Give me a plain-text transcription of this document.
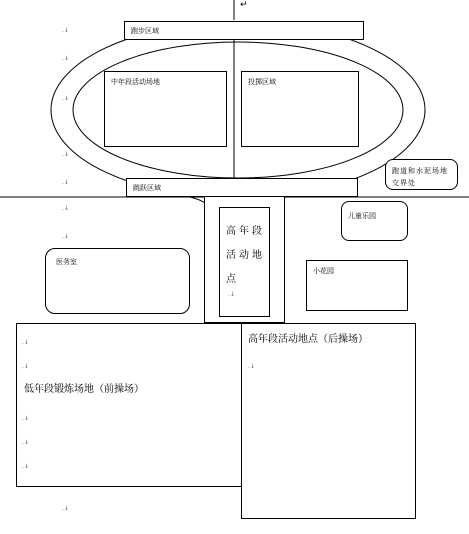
跑步区域
中年段活动场地	投掷区域
跳跃区域
跑道和水泥场地交界处
儿童乐园
高年段活动地点
医务室
小花园
低年段锻炼场地（前操场）
高年段活动地点（后操场）
↵
.↓
.↓
.↓
.↓
.↓
.↓
.↓
.↓
.↓
.↓
.↓
.↓
.↓
.↓
.↓
